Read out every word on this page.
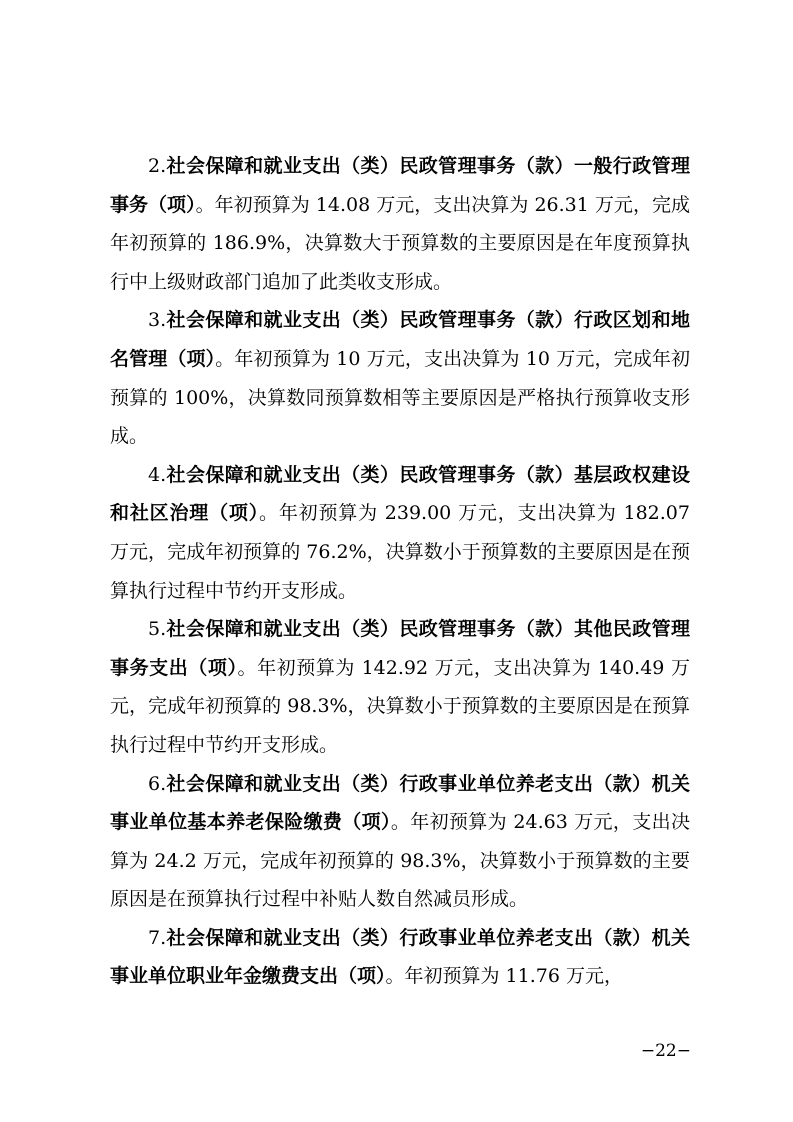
2.社会保障和就业支出（类）民政管理事务（款）一般行政管理事务（项）。年初预算为 14.08 万元，支出决算为 26.31 万元，完成年初预算的 186.9%，决算数大于预算数的主要原因是在年度预算执行中上级财政部门追加了此类收支形成。

3.社会保障和就业支出（类）民政管理事务（款）行政区划和地名管理（项）。年初预算为 10 万元，支出决算为 10 万元，完成年初预算的 100%，决算数同预算数相等主要原因是严格执行预算收支形成。

4.社会保障和就业支出（类）民政管理事务（款）基层政权建设和社区治理（项）。年初预算为 239.00 万元，支出决算为 182.07 万元，完成年初预算的 76.2%，决算数小于预算数的主要原因是在预算执行过程中节约开支形成。

5.社会保障和就业支出（类）民政管理事务（款）其他民政管理事务支出（项）。年初预算为 142.92 万元，支出决算为 140.49 万元，完成年初预算的 98.3%，决算数小于预算数的主要原因是在预算执行过程中节约开支形成。

6.社会保障和就业支出（类）行政事业单位养老支出（款）机关事业单位基本养老保险缴费（项）。年初预算为 24.63 万元，支出决算为 24.2 万元，完成年初预算的 98.3%，决算数小于预算数的主要原因是在预算执行过程中补贴人数自然减员形成。

7.社会保障和就业支出（类）行政事业单位养老支出（款）机关事业单位职业年金缴费支出（项）。年初预算为 11.76 万元，

−22−
